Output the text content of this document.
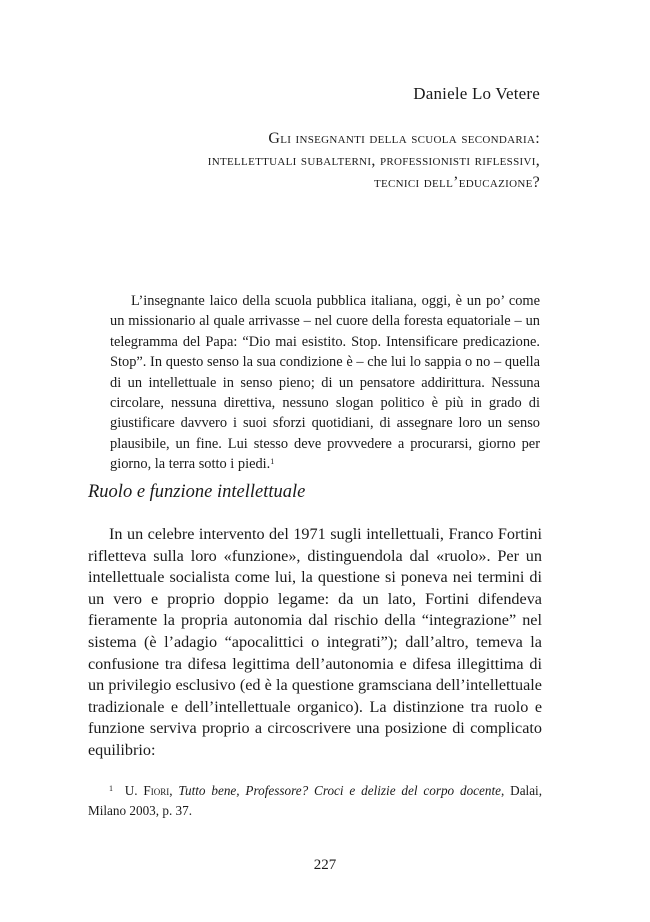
Daniele Lo Vetere
Gli insegnanti della scuola secondaria:
intellettuali subalterni, professionisti riflessivi,
tecnici dell’educazione?

L’insegnante laico della scuola pubblica italiana, oggi, è un po’ come un missionario al quale arrivasse – nel cuore della foresta equatoriale – un telegramma del Papa: “Dio mai esistito. Stop. Intensificare predicazione. Stop”. In questo senso la sua condizione è – che lui lo sappia o no – quella di un intellettuale in senso pieno; di un pensatore addirittura. Nessuna circolare, nessuna direttiva, nessuno slogan politico è più in grado di giustificare davvero i suoi sforzi quotidiani, di assegnare loro un senso plausibile, un fine. Lui stesso deve provvedere a procurarsi, giorno per giorno, la terra sotto i piedi.$^1$

Ruolo e funzione intellettuale

In un celebre intervento del 1971 sugli intellettuali, Franco Fortini rifletteva sulla loro «funzione», distinguendola dal «ruolo». Per un intellettuale socialista come lui, la questione si poneva nei termini di un vero e proprio doppio legame: da un lato, Fortini difendeva fieramente la propria autonomia dal rischio della “integrazione” nel sistema (è l’adagio “apocalittici o integrati”); dall’altro, temeva la confusione tra difesa legittima dell’autonomia e difesa illegittima di un privilegio esclusivo (ed è la questione gramsciana dell’intellettuale tradizionale e dell’intellettuale organico). La distinzione tra ruolo e funzione serviva proprio a circoscrivere una posizione di complicato equilibrio:

$^1$ U. Fiori, Tutto bene, Professore? Croci e delizie del corpo docente, Dalai, Milano 2003, p. 37.

227
